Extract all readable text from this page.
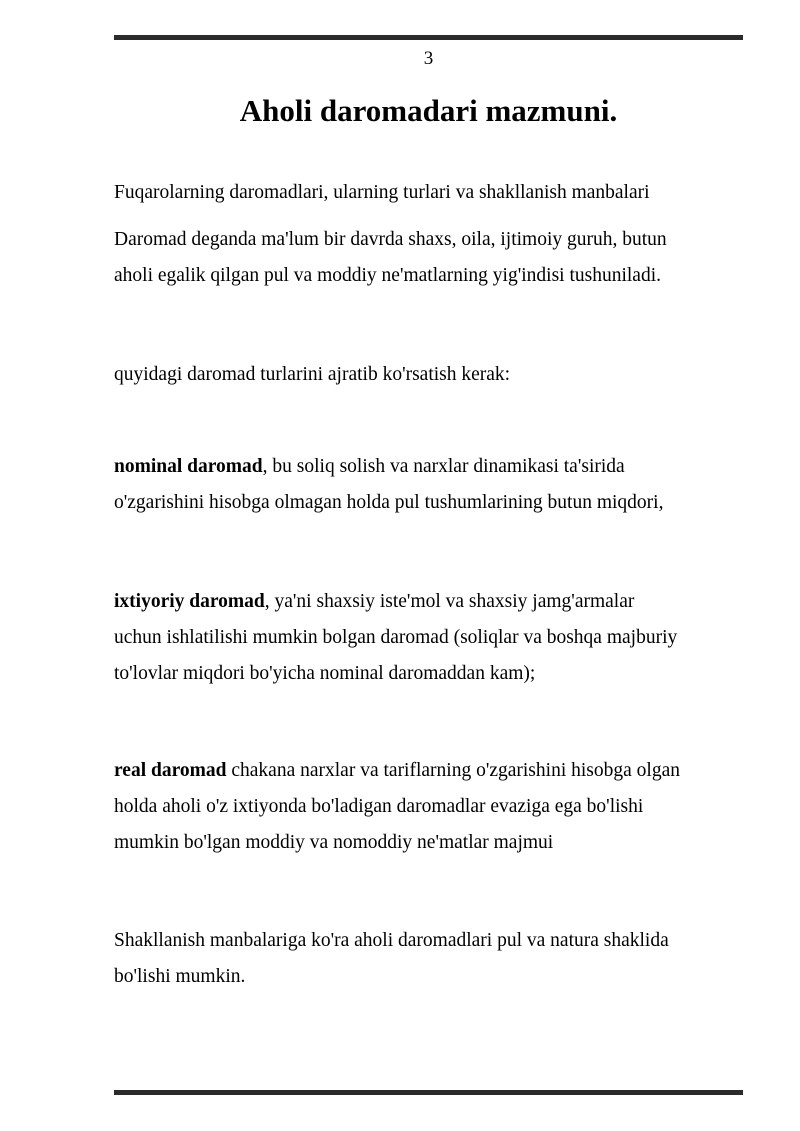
3
Aholi daromadari mazmuni.

Fuqarolarning daromadlari, ularning turlari va shakllanish manbalari

Daromad deganda ma'lum bir davrda shaxs, oila, ijtimoiy guruh, butun
aholi egalik qilgan pul va moddiy ne'matlarning yig'indisi tushuniladi.

quyidagi daromad turlarini ajratib ko'rsatish kerak:

nominal daromad, bu soliq solish va narxlar dinamikasi ta'sirida
o'zgarishini hisobga olmagan holda pul tushumlarining butun miqdori,

ixtiyoriy daromad, ya'ni shaxsiy iste'mol va shaxsiy jamg'armalar
uchun ishlatilishi mumkin bolgan daromad (soliqlar va boshqa majburiy
to'lovlar miqdori bo'yicha nominal daromaddan kam);

real daromad chakana narxlar va tariflarning o'zgarishini hisobga olgan
holda aholi o'z ixtiyonda bo'ladigan daromadlar evaziga ega bo'lishi
mumkin bo'lgan moddiy va nomoddiy ne'matlar majmui

Shakllanish manbalariga ko'ra aholi daromadlari pul va natura shaklida
bo'lishi mumkin.
